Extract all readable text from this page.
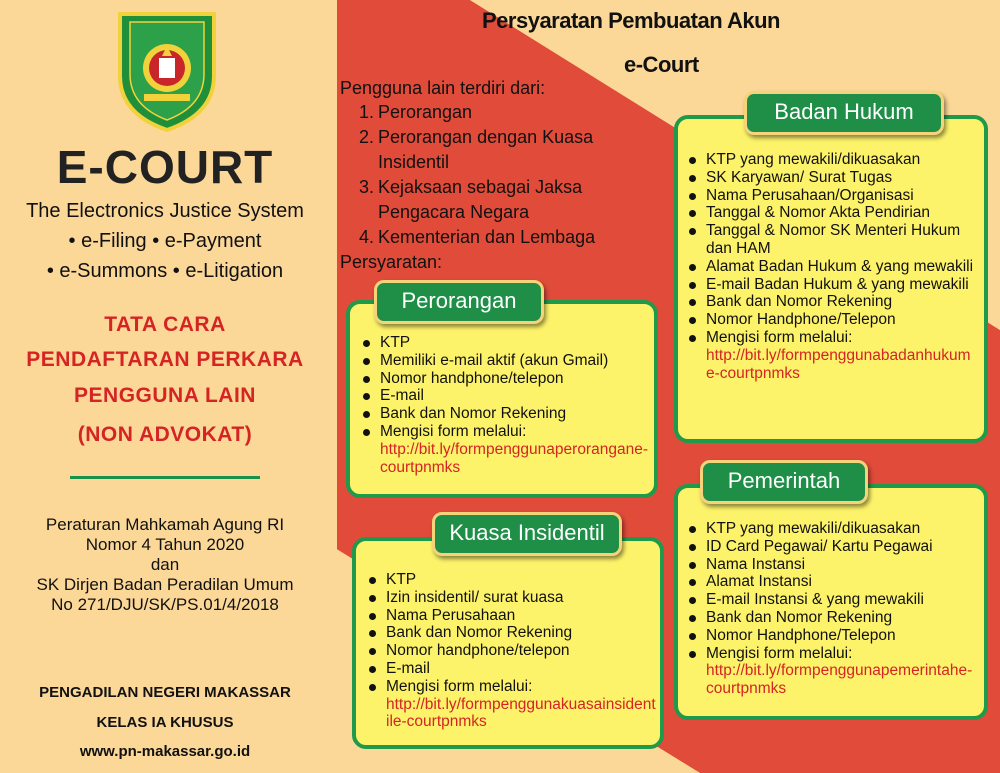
E-COURT
The Electronics Justice System
• e-Filing • e-Payment
• e-Summons • e-Litigation
TATA CARA
PENDAFTARAN PERKARA
PENGGUNA LAIN
(NON ADVOKAT)
Peraturan Mahkamah Agung RI
Nomor 4 Tahun 2020
dan
SK Dirjen Badan Peradilan Umum
No 271/DJU/SK/PS.01/4/2018
PENGADILAN NEGERI MAKASSAR
KELAS IA KHUSUS
www.pn-makassar.go.id
Persyaratan Pembuatan Akun
e-Court
Pengguna lain terdiri dari:
1. Perorangan
2. Perorangan dengan Kuasa Insidentil
3. Kejaksaan sebagai Jaksa Pengacara Negara
4. Kementerian dan Lembaga
Persyaratan:
KTP
Memiliki e-mail aktif (akun Gmail)
Nomor handphone/telepon
E-mail
Bank dan Nomor Rekening
Mengisi form melalui:
http://bit.ly/formpenggunaperorangane-courtpnmks
Perorangan
KTP
Izin insidentil/ surat kuasa
Nama Perusahaan
Bank dan Nomor Rekening
Nomor handphone/telepon
E-mail
Mengisi form melalui:
http://bit.ly/formpenggunakuasainsidentile-courtpnmks
Kuasa Insidentil
KTP yang mewakili/dikuasakan
SK Karyawan/ Surat Tugas
Nama Perusahaan/Organisasi
Tanggal & Nomor Akta Pendirian
Tanggal & Nomor SK Menteri Hukum dan HAM
Alamat Badan Hukum & yang mewakili
E-mail Badan Hukum & yang mewakili
Bank dan Nomor Rekening
Nomor Handphone/Telepon
Mengisi form melalui:
http://bit.ly/formpenggunabadanhukume-courtpnmks
Badan Hukum
KTP yang mewakili/dikuasakan
ID Card Pegawai/ Kartu Pegawai
Nama Instansi
Alamat Instansi
E-mail Instansi & yang mewakili
Bank dan Nomor Rekening
Nomor Handphone/Telepon
Mengisi form melalui:
http://bit.ly/formpenggunapemerintahe-courtpnmks
Pemerintah
